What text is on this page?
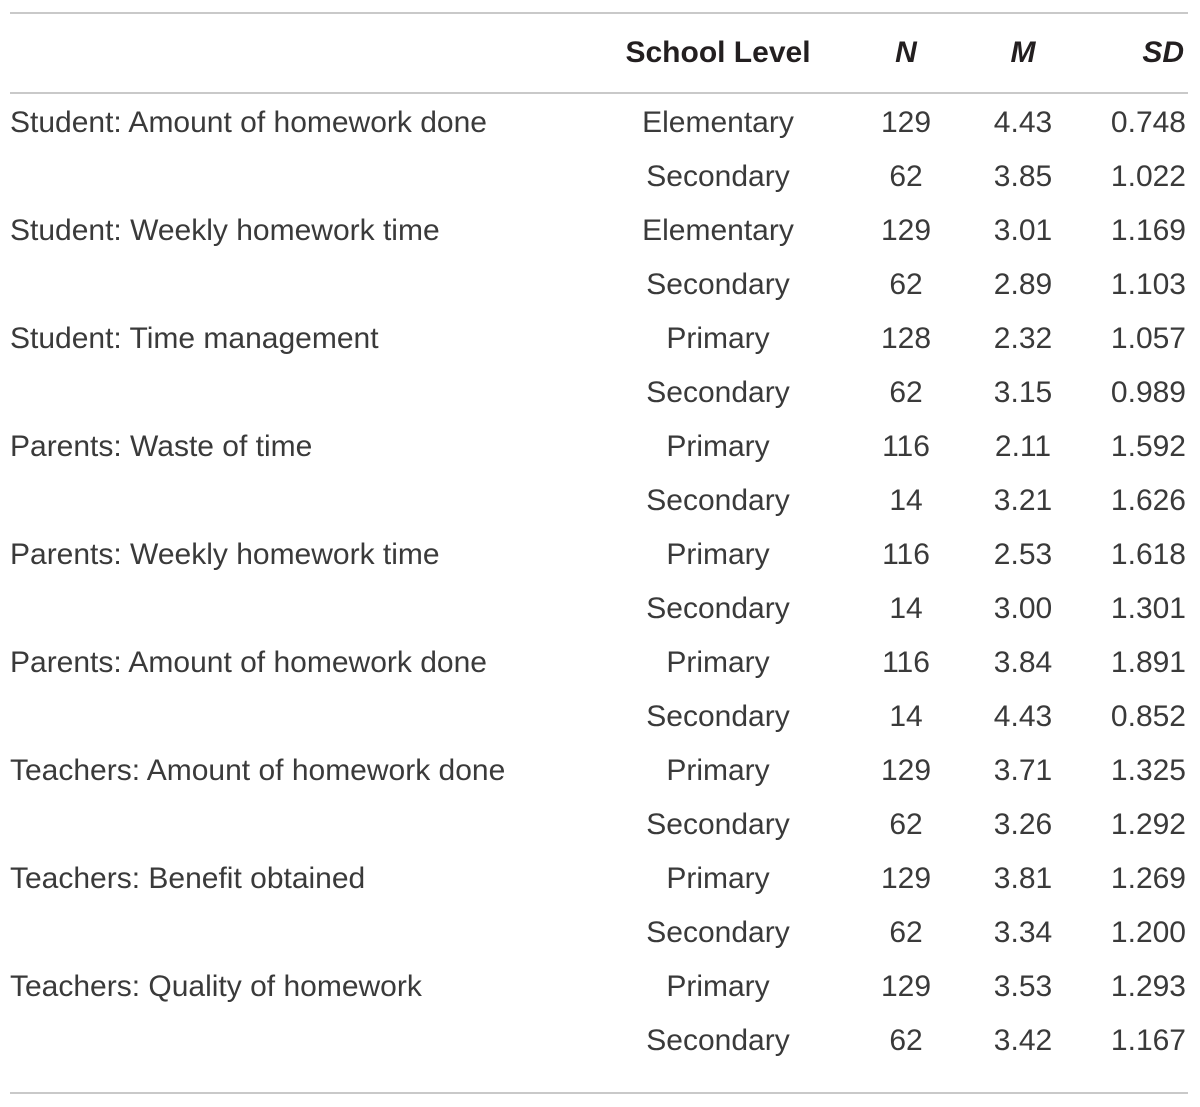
	School Level	N	M	SD

Student: Amount of homework done	Elementary	129	4.43	0.748
	Secondary	62	3.85	1.022
Student: Weekly homework time	Elementary	129	3.01	1.169
	Secondary	62	2.89	1.103
Student: Time management	Primary	128	2.32	1.057
	Secondary	62	3.15	0.989
Parents: Waste of time	Primary	116	2.11	1.592
	Secondary	14	3.21	1.626
Parents: Weekly homework time	Primary	116	2.53	1.618
	Secondary	14	3.00	1.301
Parents: Amount of homework done	Primary	116	3.84	1.891
	Secondary	14	4.43	0.852
Teachers: Amount of homework done	Primary	129	3.71	1.325
	Secondary	62	3.26	1.292
Teachers: Benefit obtained	Primary	129	3.81	1.269
	Secondary	62	3.34	1.200
Teachers: Quality of homework	Primary	129	3.53	1.293
	Secondary	62	3.42	1.167
